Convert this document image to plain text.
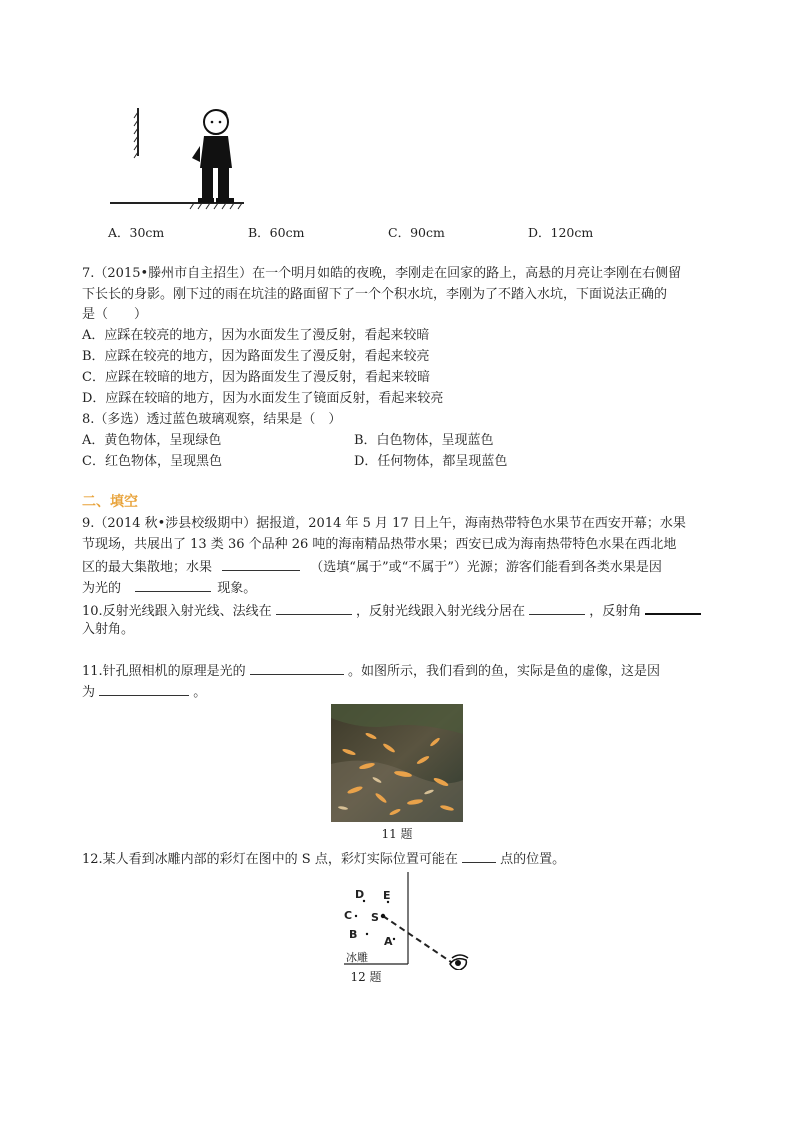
A．30cm	B．60cm	C．90cm	D．120cm
7.（2015•滕州市自主招生）在一个明月如皓的夜晚，李刚走在回家的路上，高悬的月亮让李刚在右侧留
下长长的身影。刚下过的雨在坑洼的路面留下了一个个积水坑，李刚为了不踏入水坑，下面说法正确的
是（　　）
A．应踩在较亮的地方，因为水面发生了漫反射，看起来较暗
B．应踩在较亮的地方，因为路面发生了漫反射，看起来较亮
C．应踩在较暗的地方，因为路面发生了漫反射，看起来较暗
D．应踩在较暗的地方，因为水面发生了镜面反射，看起来较亮
8.（多选）透过蓝色玻璃观察，结果是（　）
A．黄色物体，呈现绿色	B．白色物体，呈现蓝色
C．红色物体，呈现黑色	D．任何物体，都呈现蓝色
二、填空
9.（2014 秋•涉县校级期中）据报道，2014 年 5 月 17 日上午，海南热带特色水果节在西安开幕；水果
节现场，共展出了 13 类 36 个品种 26 吨的海南精品热带水果；西安已成为海南热带特色水果在西北地
区的最大集散地；水果	（选填“属于”或“不属于”）光源；游客们能看到各类水果是因
为光的	现象。
10.反射光线跟入射光线、法线在	，反射光线跟入射光线分居在	，反射角
入射角。
11.针孔照相机的原理是光的	。如图所示，我们看到的鱼，实际是鱼的虚像，这是因
为	。
11 题
12.某人看到冰雕内部的彩灯在图中的 S 点，彩灯实际位置可能在	点的位置。
D E
C S
B
A
冰雕
12 题
